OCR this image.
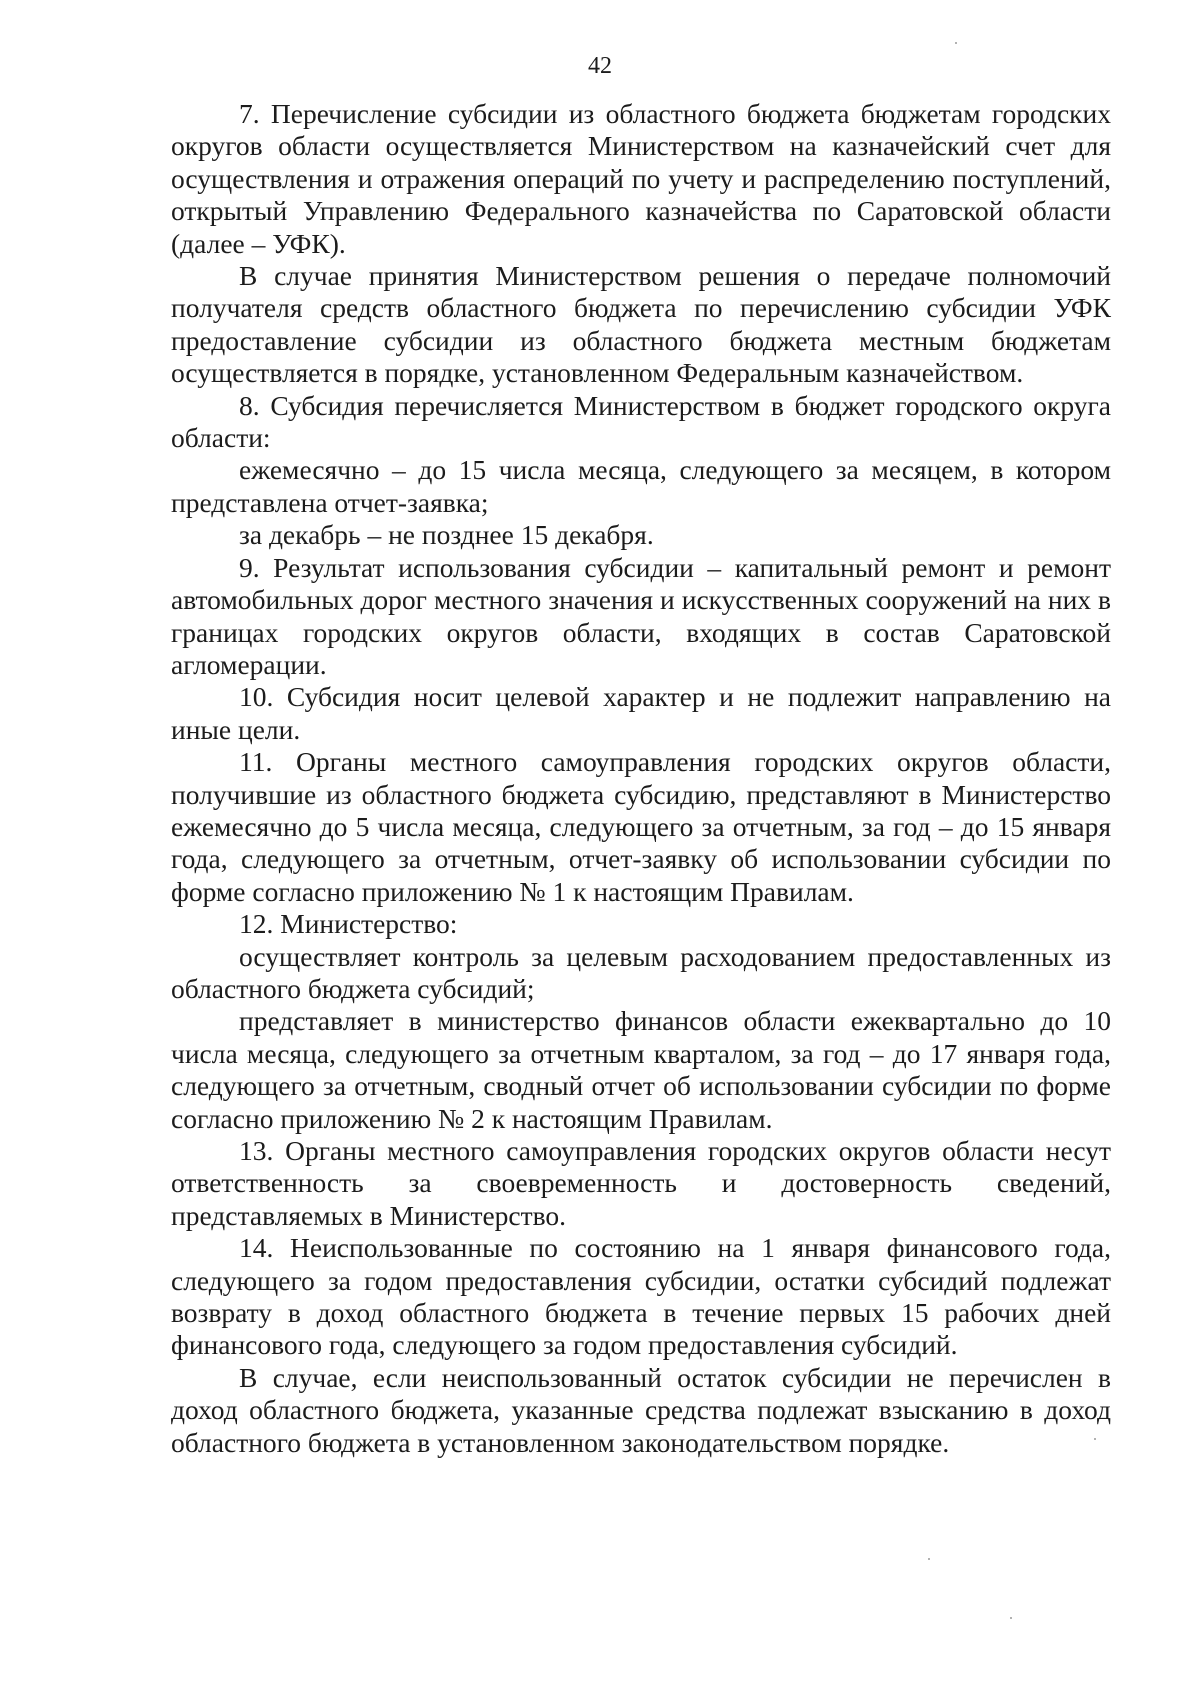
42

7. Перечисление субсидии из областного бюджета бюджетам городских округов области осуществляется Министерством на казначейский счет для осуществления и отражения операций по учету и распределению поступлений, открытый Управлению Федерального казначейства по Саратовской области (далее – УФК).

В случае принятия Министерством решения о передаче полномочий получателя средств областного бюджета по перечислению субсидии УФК предоставление субсидии из областного бюджета местным бюджетам осуществляется в порядке, установленном Федеральным казначейством.

8. Субсидия перечисляется Министерством в бюджет городского округа области:

ежемесячно – до 15 числа месяца, следующего за месяцем, в котором представлена отчет-заявка;

за декабрь – не позднее 15 декабря.

9. Результат использования субсидии – капитальный ремонт и ремонт автомобильных дорог местного значения и искусственных сооружений на них в границах городских округов области, входящих в состав Саратовской агломерации.

10. Субсидия носит целевой характер и не подлежит направлению на иные цели.

11. Органы местного самоуправления городских округов области, получившие из областного бюджета субсидию, представляют в Министерство ежемесячно до 5 числа месяца, следующего за отчетным, за год – до 15 января года, следующего за отчетным, отчет-заявку об использовании субсидии по форме согласно приложению № 1 к настоящим Правилам.

12. Министерство:

осуществляет контроль за целевым расходованием предоставленных из областного бюджета субсидий;

представляет в министерство финансов области ежеквартально до 10 числа месяца, следующего за отчетным кварталом, за год – до 17 января года, следующего за отчетным, сводный отчет об использовании субсидии по форме согласно приложению № 2 к настоящим Правилам.

13. Органы местного самоуправления городских округов области несут ответственность за своевременность и достоверность сведений, представляемых в Министерство.

14. Неиспользованные по состоянию на 1 января финансового года, следующего за годом предоставления субсидии, остатки субсидий подлежат возврату в доход областного бюджета в течение первых 15 рабочих дней финансового года, следующего за годом предоставления субсидий.

В случае, если неиспользованный остаток субсидии не перечислен в доход областного бюджета, указанные средства подлежат взысканию в доход областного бюджета в установленном законодательством порядке.
